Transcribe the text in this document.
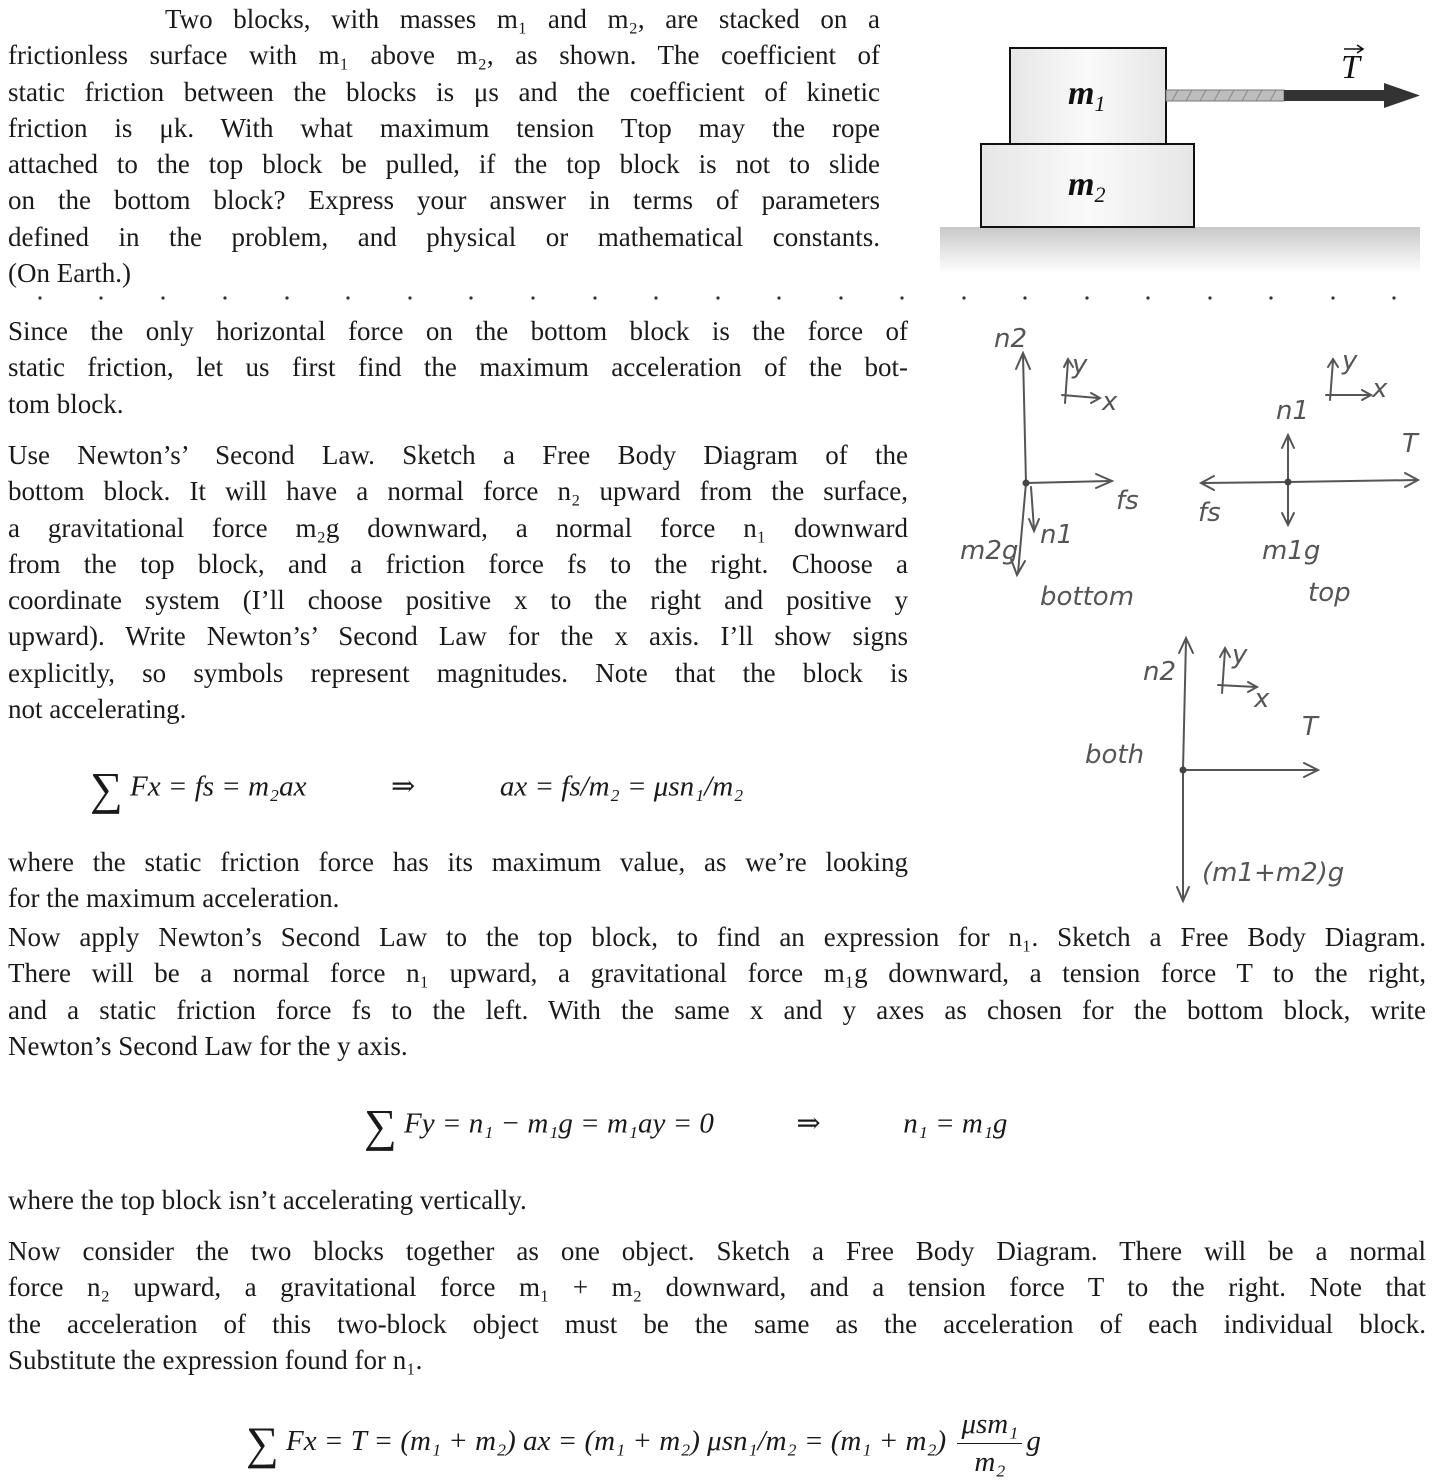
Two blocks, with masses m₁ and m₂, are stacked on a
frictionless surface with m₁ above m₂, as shown. The coefficient of
static friction between the blocks is μs and the coefficient of kinetic
friction is μk. With what maximum tension Ttop may the rope
attached to the top block be pulled, if the top block is not to slide
on the bottom block? Express your answer in terms of parameters
defined in the problem, and physical or mathematical constants.
(On Earth.)
$m_1$
$m_2$
T
Since the only horizontal force on the bottom block is the force of
static friction, let us first find the maximum acceleration of the bot-
tom block.
Use Newton’s’ Second Law. Sketch a Free Body Diagram of the
bottom block. It will have a normal force n₂ upward from the surface,
a gravitational force m₂g downward, a normal force n₁ downward
from the top block, and a friction force fs to the right. Choose a
coordinate system (I’ll choose positive x to the right and positive y
upward). Write Newton’s’ Second Law for the x axis. I’ll show signs
explicitly, so symbols represent magnitudes. Note that the block is
not accelerating.
∑ Fx = fs = m₂ax	⇒	ax = fs/m₂ = μsn₁/m₂
where the static friction force has its maximum value, as we’re looking
for the maximum acceleration.
Now apply Newton’s Second Law to the top block, to find an expression for n₁. Sketch a Free Body Diagram.
There will be a normal force n₁ upward, a gravitational force m₁g downward, a tension force T to the right,
and a static friction force fs to the left. With the same x and y axes as chosen for the bottom block, write
Newton’s Second Law for the y axis.
∑ Fy = n₁ − m₁g = m₁ay = 0	⇒	n₁ = m₁g
where the top block isn’t accelerating vertically.
Now consider the two blocks together as one object. Sketch a Free Body Diagram. There will be a normal
force n₂ upward, a gravitational force m₁ + m₂ downward, and a tension force T to the right. Note that
the acceleration of this two-block object must be the same as the acceleration of each individual block.
Substitute the expression found for n₁.
∑ Fx = T = (m₁ + m₂) ax = (m₁ + m₂) $\mu sn_1/m_2 = (m_1 + m_2) \frac{\text{μsm₁}}{\text{m₂}}$ g
n2
y
x
fs
n1
m2g
bottom
y
x
n1
T
fs
m1g
top
n2
y
x
T
both
(m1+m2)g
